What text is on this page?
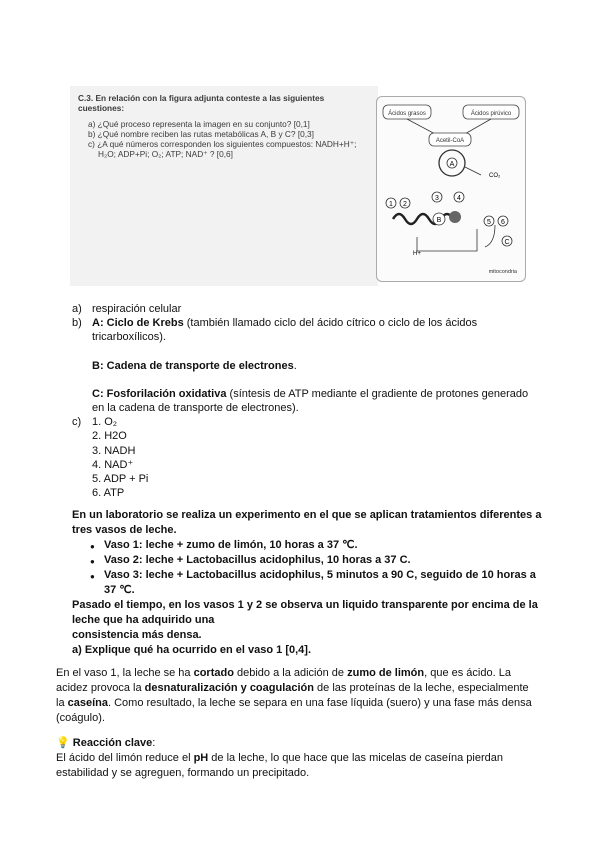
C.3. En relación con la figura adjunta conteste a las siguientes cuestiones:
a) ¿Qué proceso representa la imagen en su conjunto? [0,1]
b) ¿Qué nombre reciben las rutas metabólicas A, B y C? [0,3]
c) ¿A qué números corresponden los siguientes compuestos: NADH+H⁺;
H₂O; ADP+Pi; O₂; ATP; NAD⁺ ? [0,6]
Ácidos grasos	Ácidos pirúvico
Acetil-CoA
A
CO₂
1 2
3	4
B	5 6
C
H+
mitocondria
a) respiración celular
b) A: Ciclo de Krebs (también llamado ciclo del ácido cítrico o ciclo de los ácidos tricarboxílicos).
B: Cadena de transporte de electrones.
C: Fosforilación oxidativa (síntesis de ATP mediante el gradiente de protones generado en la cadena de transporte de electrones).
c) 1. O₂
2. H2O
3. NADH
4. NAD⁺
5. ADP + Pi
6. ATP
En un laboratorio se realiza un experimento en el que se aplican tratamientos diferentes a tres vasos de leche.
● Vaso 1: leche + zumo de limón, 10 horas a 37 ℃.
● Vaso 2: leche + Lactobacillus acidophilus, 10 horas a 37 C.
● Vaso 3: leche + Lactobacillus acidophilus, 5 minutos a 90 C, seguido de 10 horas a 37 ℃.
Pasado el tiempo, en los vasos 1 y 2 se observa un liquido transparente por encima de la leche que ha adquirido una
consistencia más densa.
a) Explique qué ha ocurrido en el vaso 1 [0,4].
En el vaso 1, la leche se ha cortado debido a la adición de zumo de limón, que es ácido. La acidez provoca la desnaturalización y coagulación de las proteínas de la leche, especialmente la caseína. Como resultado, la leche se separa en una fase líquida (suero) y una fase más densa (coágulo).
💡 Reacción clave:
El ácido del limón reduce el pH de la leche, lo que hace que las micelas de caseína pierdan estabilidad y se agreguen, formando un precipitado.
